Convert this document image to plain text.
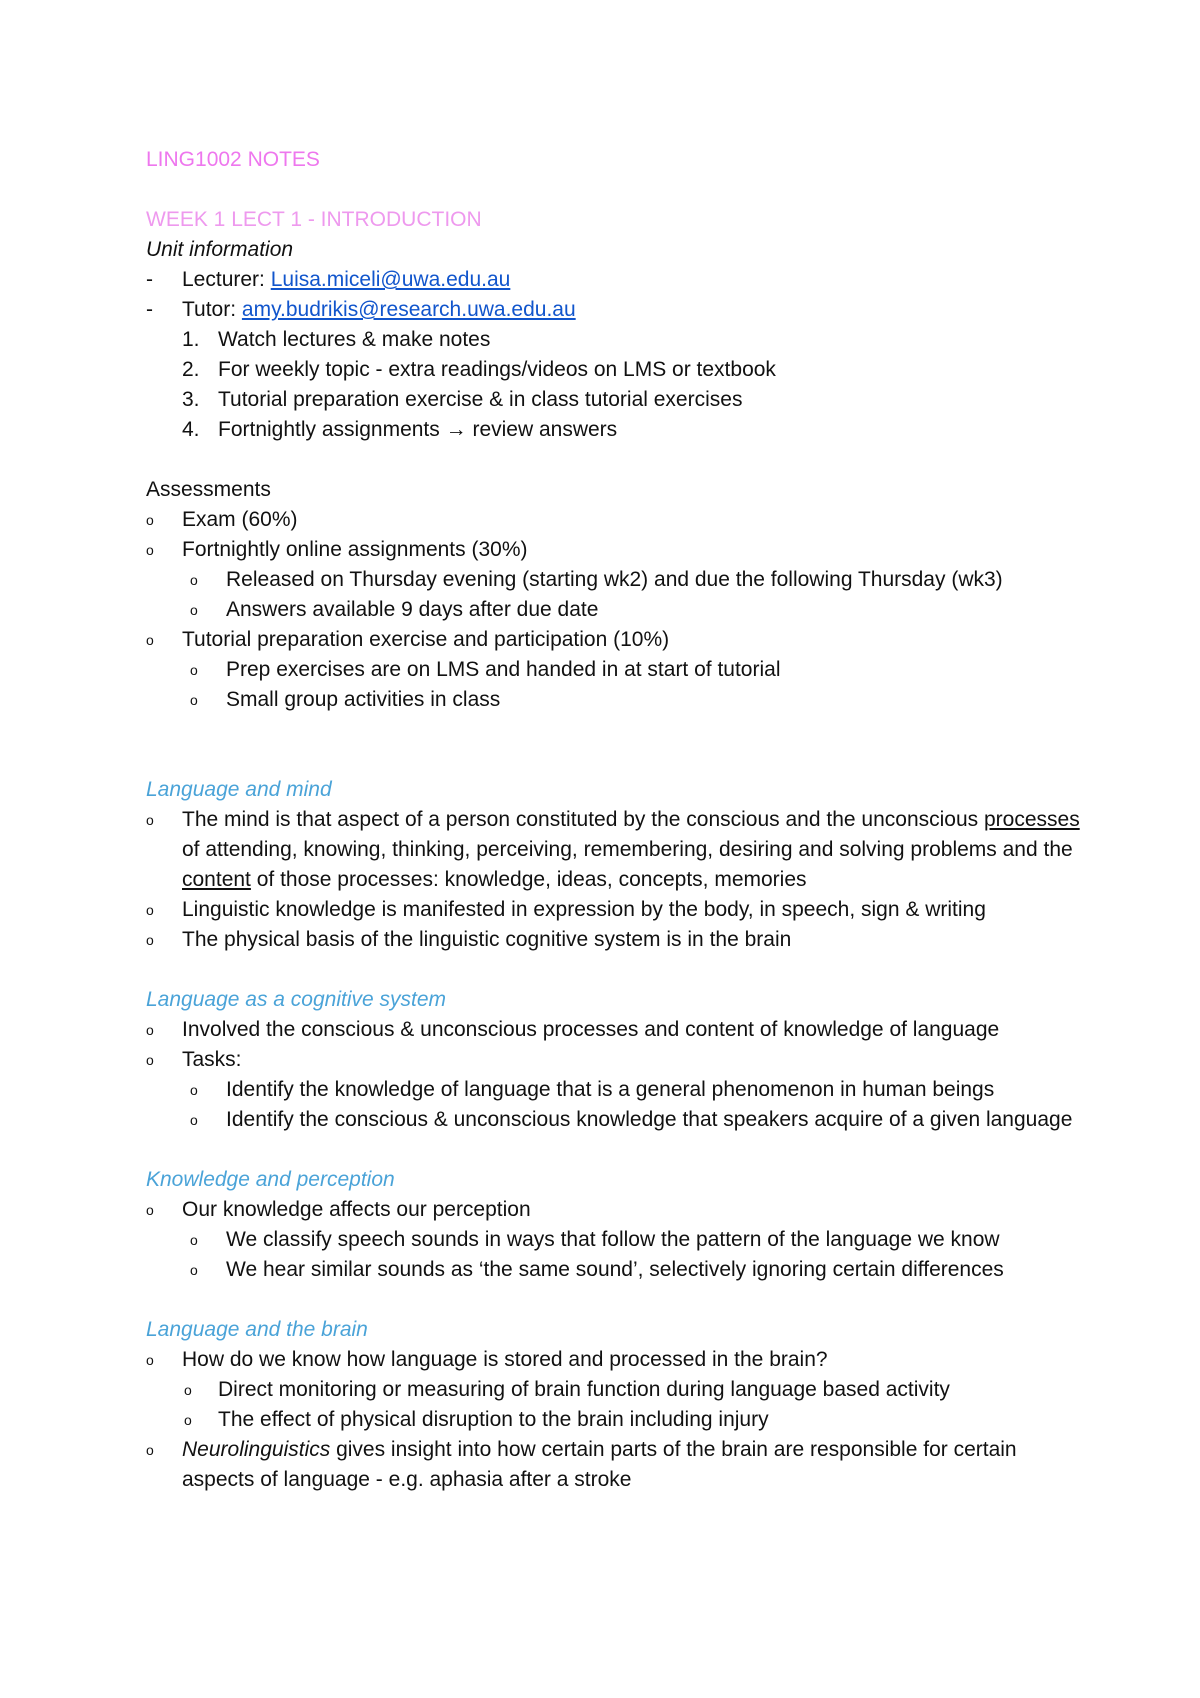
LING1002 NOTES
WEEK 1 LECT 1 - INTRODUCTION
Unit information
-	Lecturer: Luisa.miceli@uwa.edu.au
-	Tutor: amy.budrikis@research.uwa.edu.au
1. Watch lectures & make notes
2. For weekly topic - extra readings/videos on LMS or textbook
3. Tutorial preparation exercise & in class tutorial exercises
4. Fortnightly assignments → review answers
Assessments
o	Exam (60%)
o	Fortnightly online assignments (30%)
o	Released on Thursday evening (starting wk2) and due the following Thursday (wk3)
o	Answers available 9 days after due date
o	Tutorial preparation exercise and participation (10%)
o	Prep exercises are on LMS and handed in at start of tutorial
o	Small group activities in class
Language and mind
o	The mind is that aspect of a person constituted by the conscious and the unconscious processes of attending, knowing, thinking, perceiving, remembering, desiring and solving problems and the content of those processes: knowledge, ideas, concepts, memories
o	Linguistic knowledge is manifested in expression by the body, in speech, sign & writing
o	The physical basis of the linguistic cognitive system is in the brain
Language as a cognitive system
o	Involved the conscious & unconscious processes and content of knowledge of language
o	Tasks:
o	Identify the knowledge of language that is a general phenomenon in human beings
o	Identify the conscious & unconscious knowledge that speakers acquire of a given language
Knowledge and perception
o	Our knowledge affects our perception
o	We classify speech sounds in ways that follow the pattern of the language we know
o	We hear similar sounds as ‘the same sound’, selectively ignoring certain differences
Language and the brain
o	How do we know how language is stored and processed in the brain?
o	Direct monitoring or measuring of brain function during language based activity
o	The effect of physical disruption to the brain including injury
o	Neurolinguistics gives insight into how certain parts of the brain are responsible for certain aspects of language - e.g. aphasia after a stroke
